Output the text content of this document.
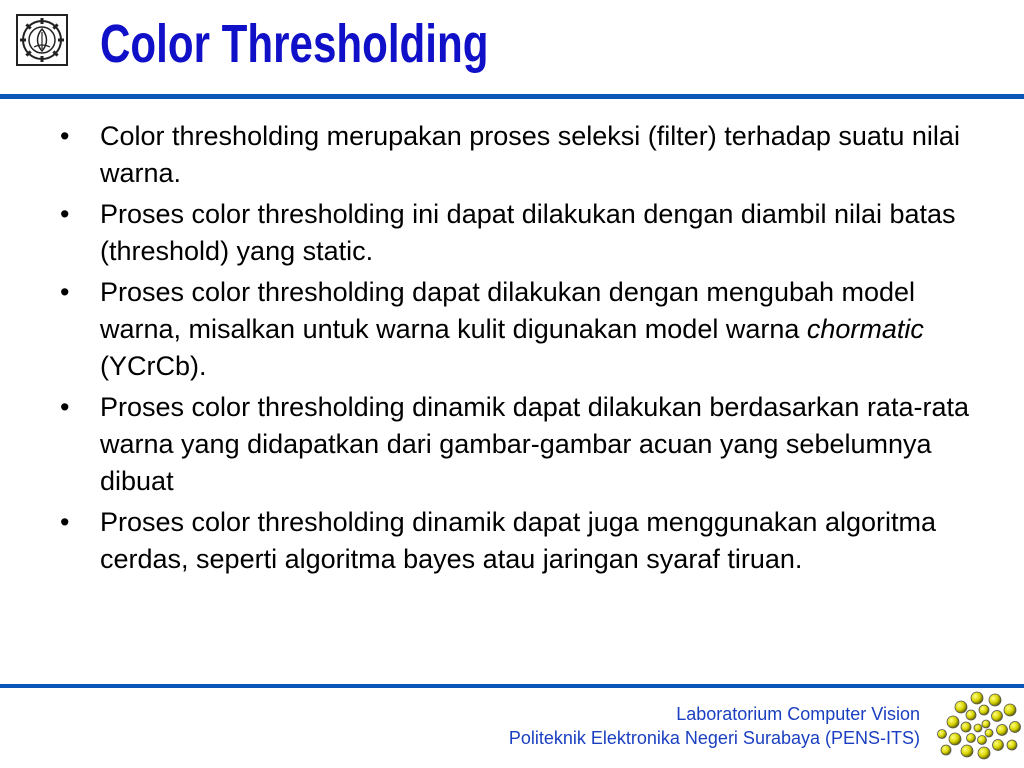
Color Thresholding
• Color thresholding merupakan proses seleksi (filter) terhadap suatu nilai warna.
• Proses color thresholding ini dapat dilakukan dengan diambil nilai batas (threshold) yang static.
• Proses color thresholding dapat dilakukan dengan mengubah model warna, misalkan untuk warna kulit digunakan model warna chormatic (YCrCb).
• Proses color thresholding dinamik dapat dilakukan berdasarkan rata-rata warna yang didapatkan dari gambar-gambar acuan yang sebelumnya dibuat
• Proses color thresholding dinamik dapat juga menggunakan algoritma cerdas, seperti algoritma bayes atau jaringan syaraf tiruan.
Laboratorium Computer Vision
Politeknik Elektronika Negeri Surabaya (PENS-ITS)
